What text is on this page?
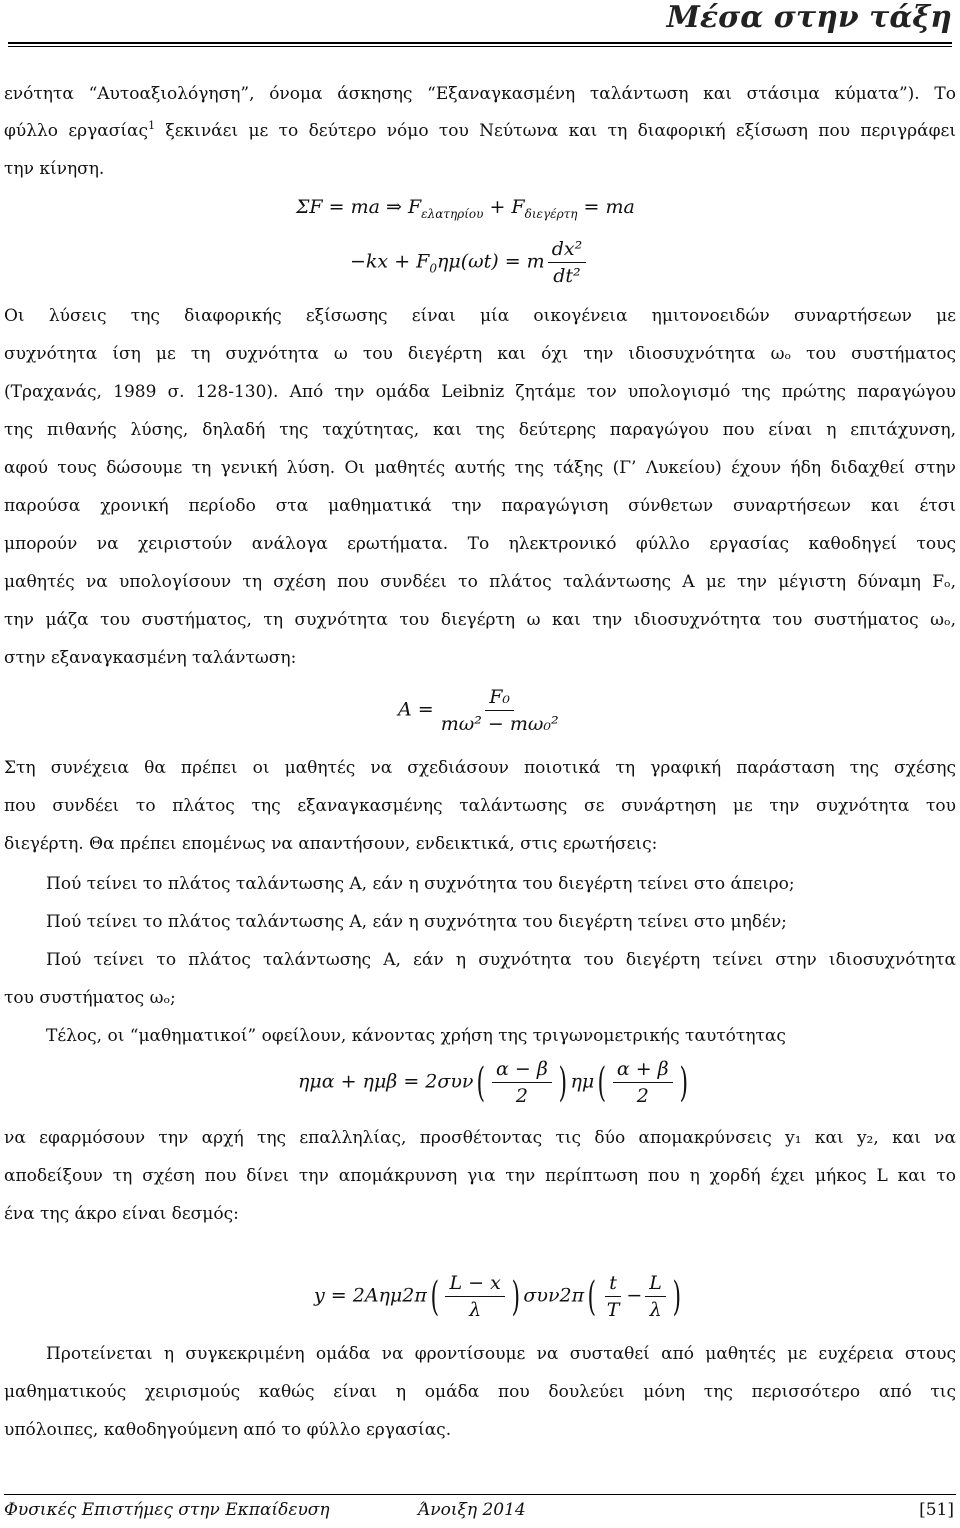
Μέσα στην τάξη
ενότητα “Αυτοαξιολόγηση”, όνομα άσκησης “Εξαναγκασμένη ταλάντωση και στάσιμα κύματα”). Το
φύλλο εργασίας$^1$ ξεκινάει με το δεύτερο νόμο του Νεύτωνα και τη διαφορική εξίσωση που περιγράφει
την κίνηση.
ΣF = ma ⇒ $F_{\varepsilon\lambda\alpha\tau\eta\rho ίo\upsilon} + F_{\delta\iota\varepsilon\gamma έ\rho\tau\eta}$ = ma
$-kx + F_0\eta\mu(\omega t) = m \frac{\text{dx²}}{\text{dt²}}$
Οι λύσεις της διαφορικής εξίσωσης είναι μία οικογένεια ημιτονοειδών συναρτήσεων με
συχνότητα ίση με τη συχνότητα ω του διεγέρτη και όχι την ιδιοσυχνότητα ωₒ του συστήματος
(Τραχανάς, 1989 σ. 128-130). Από την ομάδα Leibniz ζητάμε τον υπολογισμό της πρώτης παραγώγου
της πιθανής λύσης, δηλαδή της ταχύτητας, και της δεύτερης παραγώγου που είναι η επιτάχυνση,
αφού τους δώσουμε τη γενική λύση. Οι μαθητές αυτής της τάξης (Γ’ Λυκείου) έχουν ήδη διδαχθεί στην
παρούσα χρονική περίοδο στα μαθηματικά την παραγώγιση σύνθετων συναρτήσεων και έτσι
μπορούν να χειριστούν ανάλογα ερωτήματα. Το ηλεκτρονικό φύλλο εργασίας καθοδηγεί τους
μαθητές να υπολογίσουν τη σχέση που συνδέει το πλάτος ταλάντωσης Α με την μέγιστη δύναμη Fₒ,
την μάζα του συστήματος, τη συχνότητα του διεγέρτη ω και την ιδιοσυχνότητα του συστήματος ωₒ,
στην εξαναγκασμένη ταλάντωση:
$A = \frac{\text{F₀}}{\text{mω² − mω₀²}}$
Στη συνέχεια θα πρέπει οι μαθητές να σχεδιάσουν ποιοτικά τη γραφική παράσταση της σχέσης
που συνδέει το πλάτος της εξαναγκασμένης ταλάντωσης σε συνάρτηση με την συχνότητα του
διεγέρτη. Θα πρέπει επομένως να απαντήσουν, ενδεικτικά, στις ερωτήσεις:
Πού τείνει το πλάτος ταλάντωσης Α, εάν η συχνότητα του διεγέρτη τείνει στο άπειρο;
Πού τείνει το πλάτος ταλάντωσης Α, εάν η συχνότητα του διεγέρτη τείνει στο μηδέν;
Πού τείνει το πλάτος ταλάντωσης Α, εάν η συχνότητα του διεγέρτη τείνει στην ιδιοσυχνότητα
του συστήματος ωₒ;
Τέλος, οι “μαθηματικοί” οφείλουν, κάνοντας χρήση της τριγωνομετρικής ταυτότητας
$\eta\mu\alpha + \eta\mu\beta = 2\sigma\upsilon\nu( \frac{\alpha - \beta}{2}$ ) $\eta\mu( \frac{\alpha + \beta}{2}$ )
να εφαρμόσουν την αρχή της επαλληλίας, προσθέτοντας τις δύο απομακρύνσεις y₁ και y₂, και να
αποδείξουν τη σχέση που δίνει την απομάκρυνση για την περίπτωση που η χορδή έχει μήκος L και το
ένα της άκρο είναι δεσμός:
$y = 2A\eta\mu 2\pi( \frac{L - x}{\lambda}$ ) $\sigma\upsilon\nu 2\pi( \frac{t}{T} - \frac{L}{\lambda}$ )
Προτείνεται η συγκεκριμένη ομάδα να φροντίσουμε να συσταθεί από μαθητές με ευχέρεια στους
μαθηματικούς χειρισμούς καθώς είναι η ομάδα που δουλεύει μόνη της περισσότερο από τις
υπόλοιπες, καθοδηγούμενη από το φύλλο εργασίας.
Φυσικές Επιστήμες στην Εκπαίδευση	Άνοιξη 2014	[51]
